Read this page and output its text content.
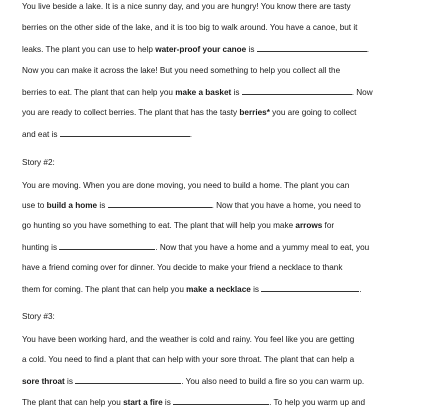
You live beside a lake. It is a nice sunny day, and you are hungry! You know there are tasty
berries on the other side of the lake, and it is too big to walk around. You have a canoe, but it
leaks. The plant you can use to help water-proof your canoe is	.
Now you can make it across the lake! But you need something to help you collect all the
berries to eat. The plant that can help you make a basket is	. Now
you are ready to collect berries. The plant that has the tasty berries* you are going to collect
and eat is	.
Story #2:
You are moving. When you are done moving, you need to build a home. The plant you can
use to build a home is	. Now that you have a home, you need to
go hunting so you have something to eat. The plant that will help you make arrows for
hunting is	. Now that you have a home and a yummy meal to eat, you
have a friend coming over for dinner. You decide to make your friend a necklace to thank
them for coming. The plant that can help you make a necklace is	.
Story #3:
You have been working hard, and the weather is cold and rainy. You feel like you are getting
a cold. You need to find a plant that can help with your sore throat. The plant that can help a
sore throat is	. You also need to build a fire so you can warm up.
The plant that can help you start a fire is	. To help you warm up and
